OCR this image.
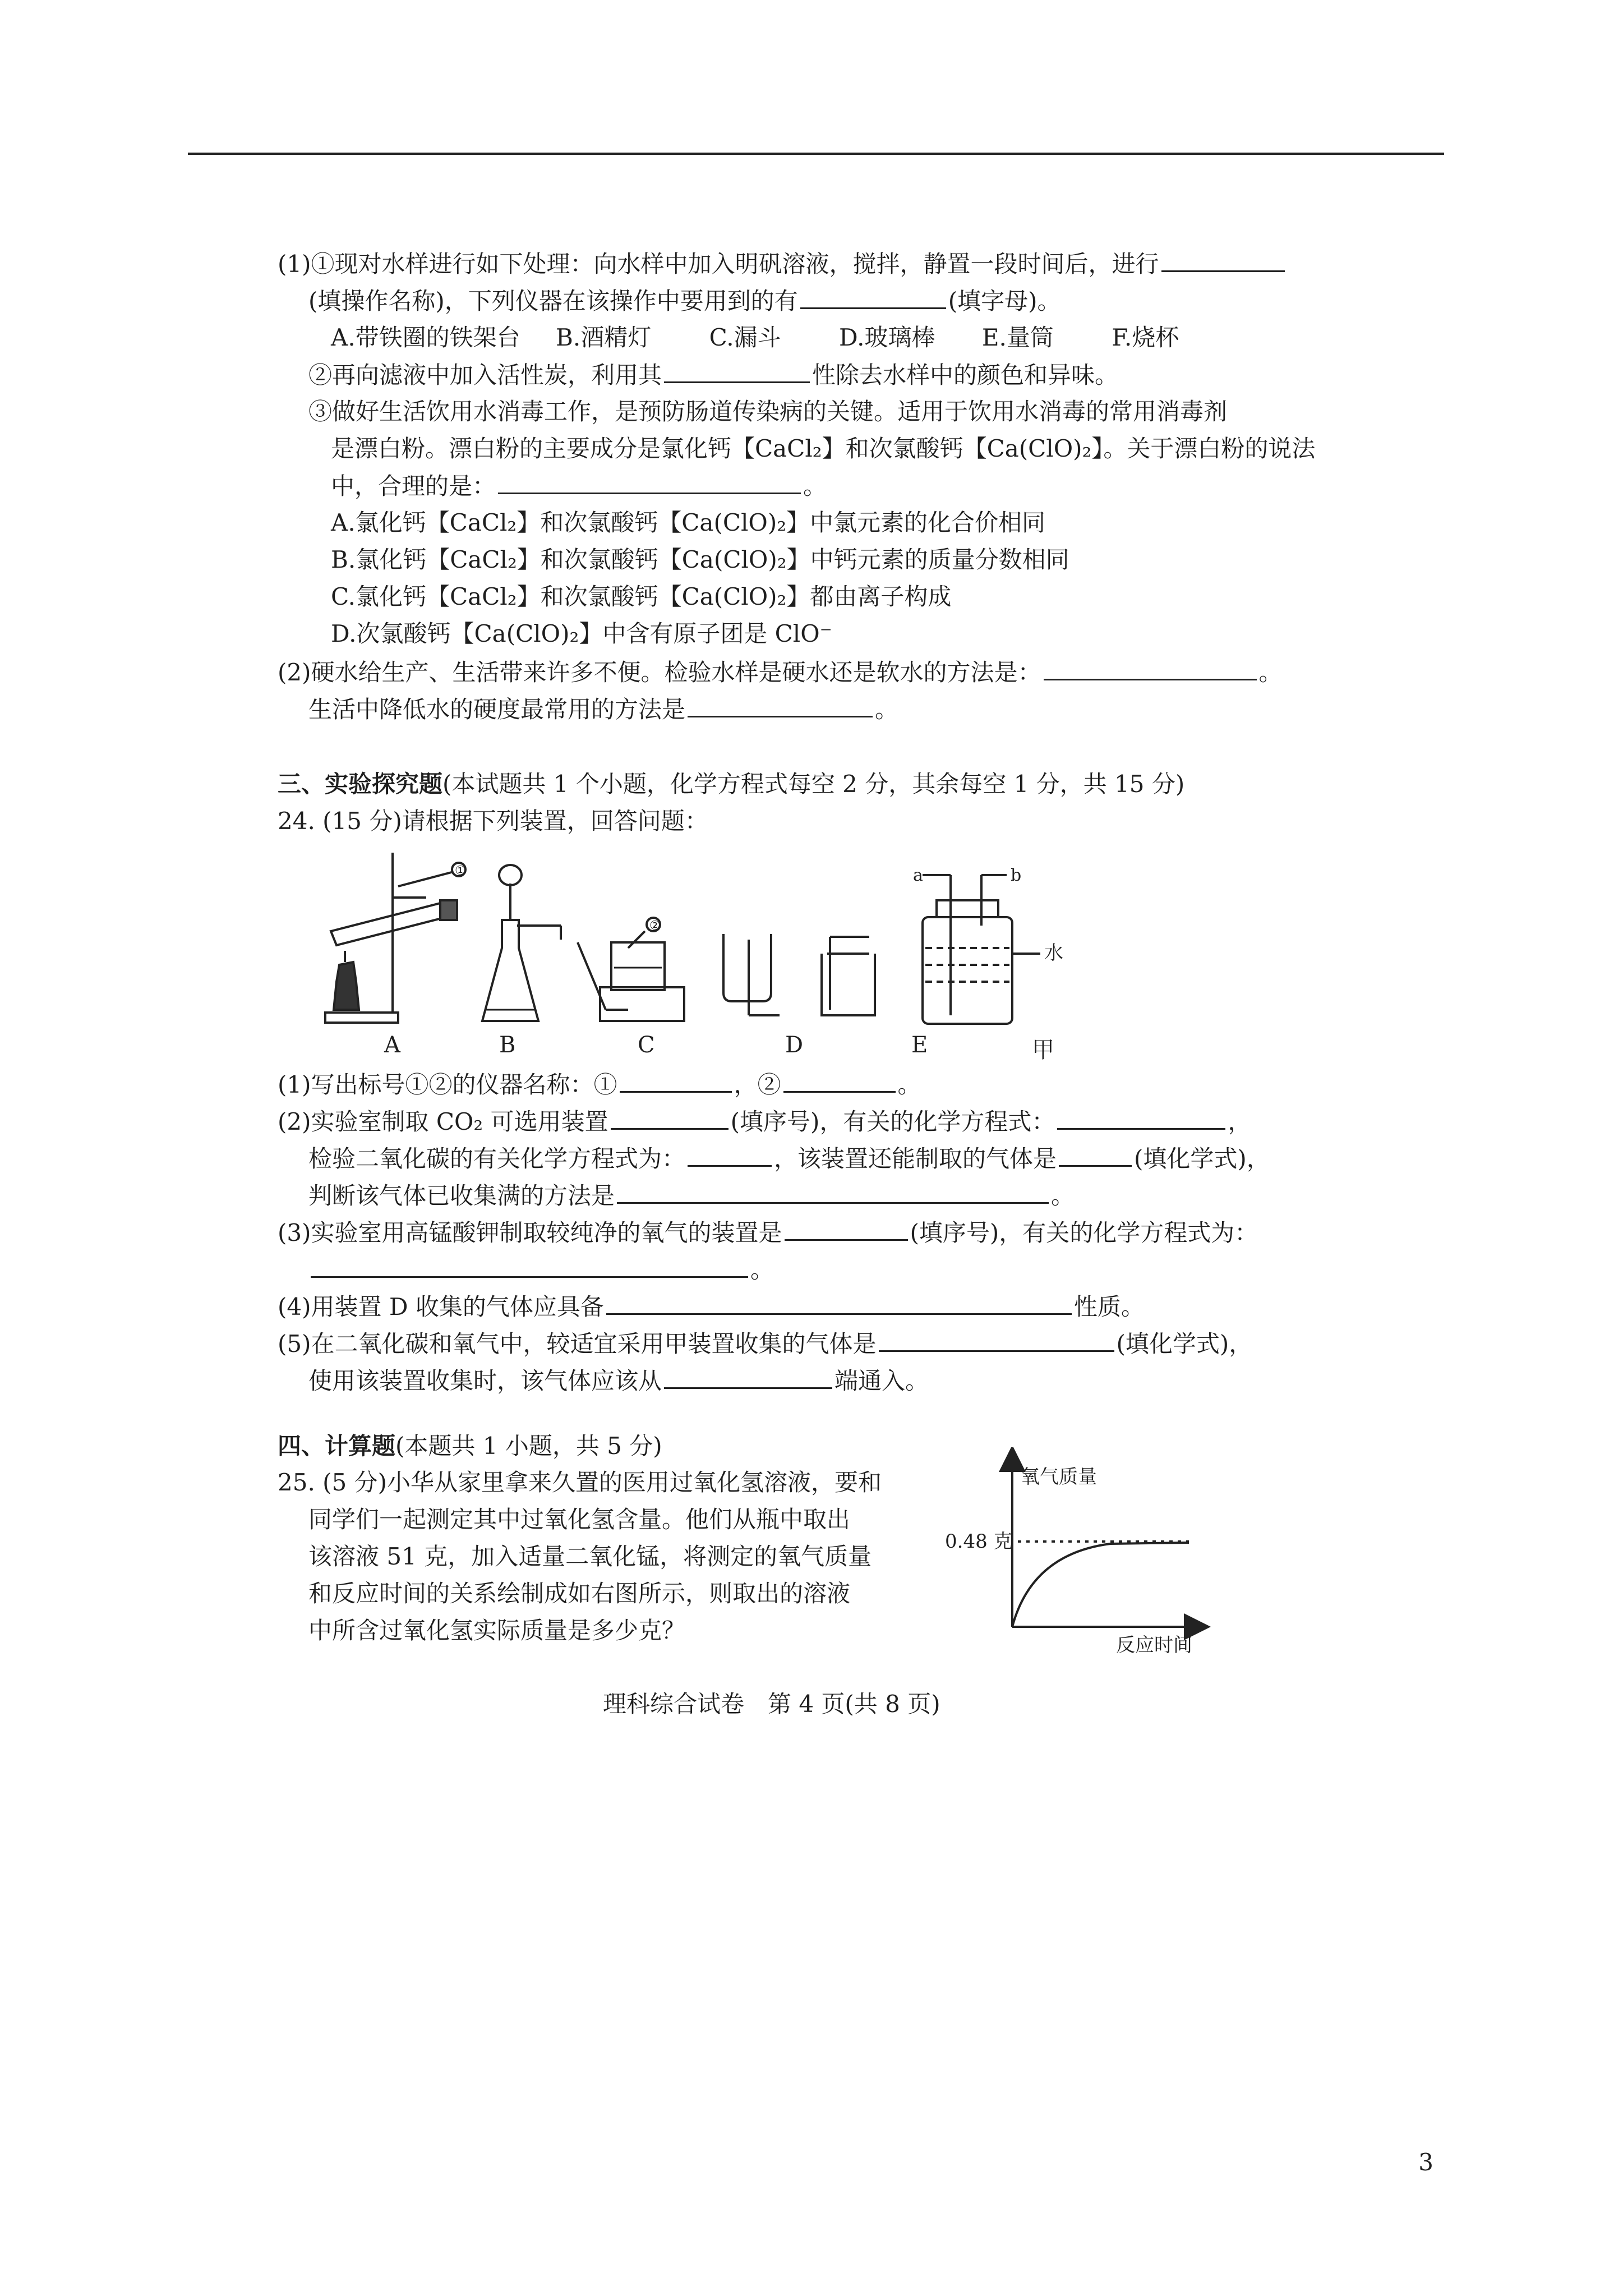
(1)①现对水样进行如下处理：向水样中加入明矾溶液，搅拌，静置一段时间后，进行
(填操作名称)，下列仪器在该操作中要用到的有	(填字母)。
A.带铁圈的铁架台 B.酒精灯 C.漏斗 D.玻璃棒 E.量筒 F.烧杯
②再向滤液中加入活性炭，利用其	性除去水样中的颜色和异味。
③做好生活饮用水消毒工作，是预防肠道传染病的关键。适用于饮用水消毒的常用消毒剂
是漂白粉。漂白粉的主要成分是氯化钙【CaCl₂】和次氯酸钙【Ca(ClO)₂】。关于漂白粉的说法
中，合理的是：	。
A.氯化钙【CaCl₂】和次氯酸钙【Ca(ClO)₂】中氯元素的化合价相同
B.氯化钙【CaCl₂】和次氯酸钙【Ca(ClO)₂】中钙元素的质量分数相同
C.氯化钙【CaCl₂】和次氯酸钙【Ca(ClO)₂】都由离子构成
D.次氯酸钙【Ca(ClO)₂】中含有原子团是 ClO⁻
(2)硬水给生产、生活带来许多不便。检验水样是硬水还是软水的方法是：	。
生活中降低水的硬度最常用的方法是	。
三、实验探究题(本试题共 1 个小题，化学方程式每空 2 分，其余每空 1 分，共 15 分)
24. (15 分)请根据下列装置，回答问题：
①
②
a	b
水
A	B	C	D	E	甲
(1)写出标号①②的仪器名称：①	，②	。
(2)实验室制取 CO₂ 可选用装置	(填序号)，有关的化学方程式：	，
检验二氧化碳的有关化学方程式为：	，该装置还能制取的气体是	(填化学式)，
判断该气体已收集满的方法是	。
(3)实验室用高锰酸钾制取较纯净的氧气的装置是	(填序号)，有关的化学方程式为：
。
(4)用装置 D 收集的气体应具备	性质。
(5)在二氧化碳和氧气中，较适宜采用甲装置收集的气体是	(填化学式)，
使用该装置收集时，该气体应该从	端通入。
四、计算题(本题共 1 小题，共 5 分)
25. (5 分)小华从家里拿来久置的医用过氧化氢溶液，要和
同学们一起测定其中过氧化氢含量。他们从瓶中取出
该溶液 51 克，加入适量二氧化锰，将测定的氧气质量
和反应时间的关系绘制成如右图所示，则取出的溶液
中所含过氧化氢实际质量是多少克？
氧气质量
0.48 克
反应时间
理科综合试卷　第 4 页(共 8 页)
3
